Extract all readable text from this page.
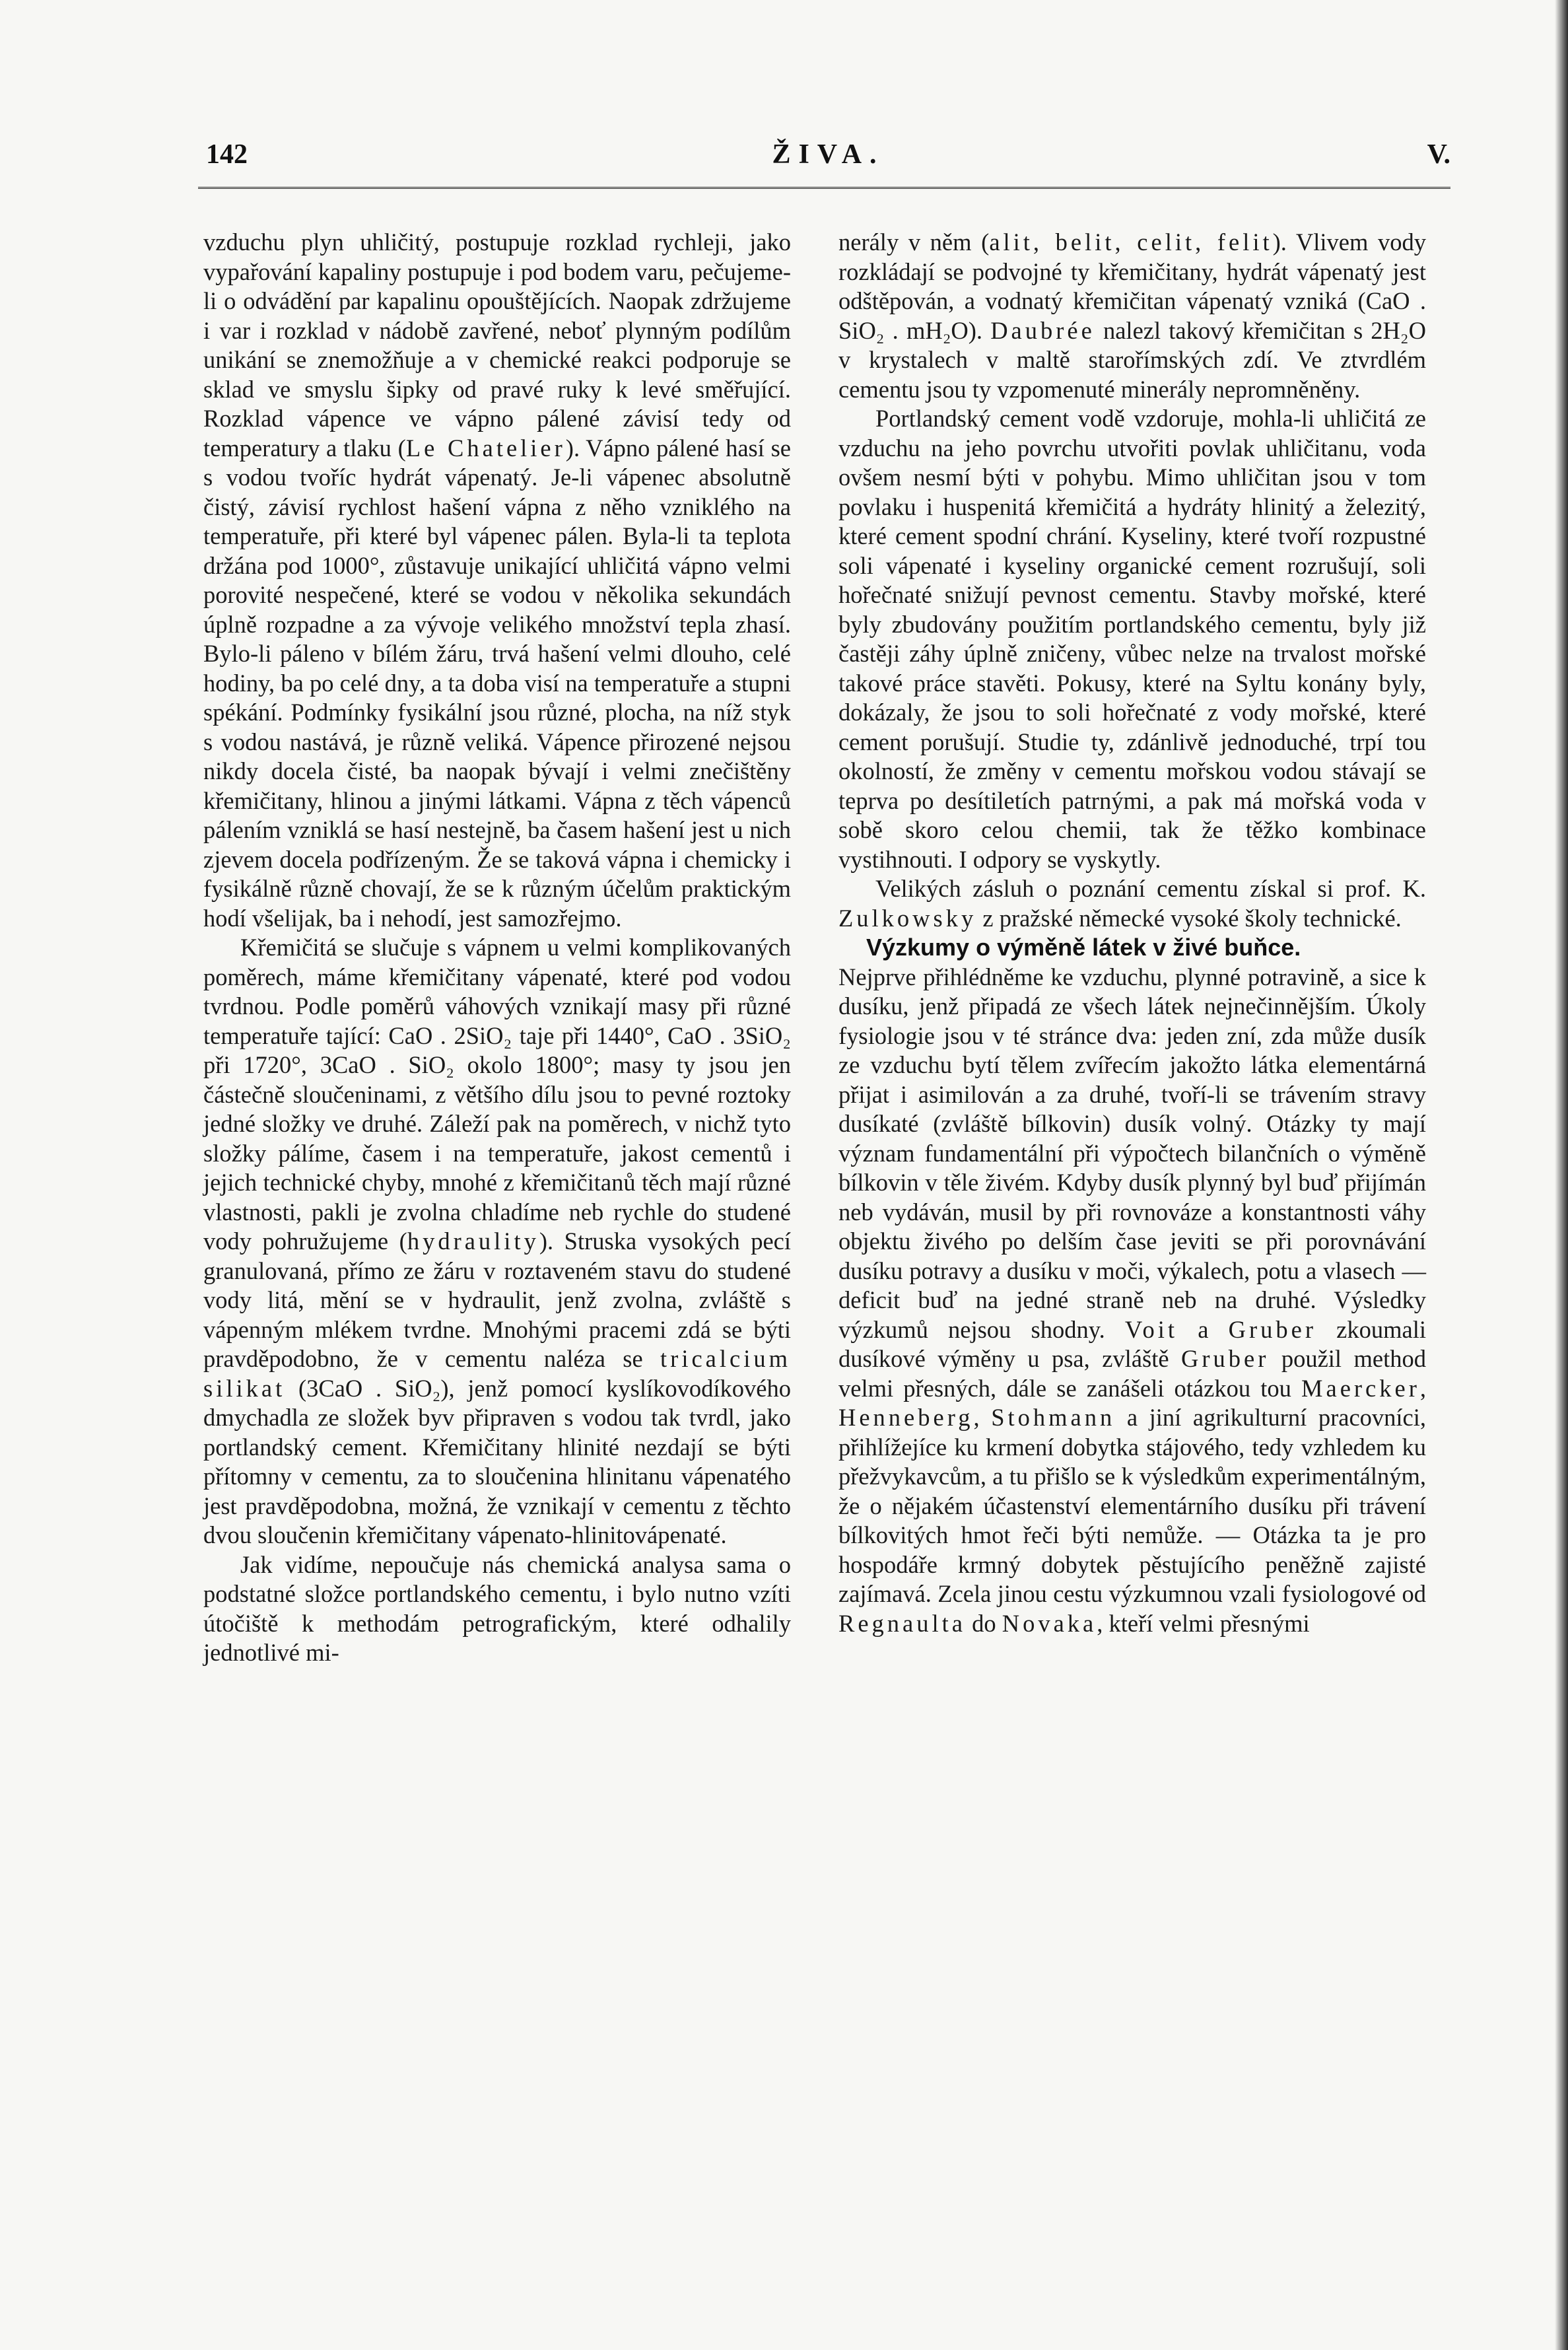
142	ŽIVA.	V.

vzduchu plyn uhličitý, postupuje rozklad rychleji, jako vypařování kapaliny postupuje i pod bodem varu, pečujeme-li o odvádění par kapalinu opouštějících. Naopak zdržujeme i var i rozklad v nádobě zavřené, neboť plynným podílům unikání se znemožňuje a v chemické reakci podporuje se sklad ve smyslu šipky od pravé ruky k levé směřující. Rozklad vápence ve vápno pálené závisí tedy od temperatury a tlaku (Le Chatelier). Vápno pálené hasí se s vodou tvoříc hydrát vápenatý. Je-li vápenec absolutně čistý, závisí rychlost hašení vápna z něho vzniklého na temperatuře, při které byl vápenec pálen. Byla-li ta teplota držána pod 1000°, zůstavuje unikající uhličitá vápno velmi porovité nespečené, které se vodou v několika sekundách úplně rozpadne a za vývoje velikého množství tepla zhasí. Bylo-li páleno v bílém žáru, trvá hašení velmi dlouho, celé hodiny, ba po celé dny, a ta doba visí na temperatuře a stupni spékání. Podmínky fysikální jsou různé, plocha, na níž styk s vodou nastává, je různě veliká. Vápence přirozené nejsou nikdy docela čisté, ba naopak bývají i velmi znečištěny křemičitany, hlinou a jinými látkami. Vápna z těch vápenců pálením vzniklá se hasí nestejně, ba časem hašení jest u nich zjevem docela podřízeným. Že se taková vápna i chemicky i fysikálně různě chovají, že se k různým účelům praktickým hodí všelijak, ba i nehodí, jest samozřejmo.

Křemičitá se slučuje s vápnem u velmi komplikovaných poměrech, máme křemičitany vápenaté, které pod vodou tvrdnou. Podle poměrů váhových vznikají masy při různé temperatuře tající: CaO . 2SiO₂ taje při 1440°, CaO . 3SiO₂ při 1720°, 3CaO . SiO₂ okolo 1800°; masy ty jsou jen částečně sloučeninami, z většího dílu jsou to pevné roztoky jedné složky ve druhé. Záleží pak na poměrech, v nichž tyto složky pálíme, časem i na temperatuře, jakost cementů i jejich technické chyby, mnohé z křemičitanů těch mají různé vlastnosti, pakli je zvolna chladíme neb rychle do studené vody pohružujeme (hydraulity). Struska vysokých pecí granulovaná, přímo ze žáru v roztaveném stavu do studené vody litá, mění se v hydraulit, jenž zvolna, zvláště s vápenným mlékem tvrdne. Mnohými pracemi zdá se býti pravděpodobno, že v cementu naléza se tricalcium silikat (3CaO . SiO₂), jenž pomocí kyslíkovodíkového dmychadla ze složek byv připraven s vodou tak tvrdl, jako portlandský cement. Křemičitany hlinité nezdají se býti přítomny v cementu, za to sloučenina hlinitanu vápenatého jest pravděpodobna, možná, že vznikají v cementu z těchto dvou sloučenin křemičitany vápenato-hlinitovápenaté.

Jak vidíme, nepoučuje nás chemická analysa sama o podstatné složce portlandského cementu, i bylo nutno vzíti útočiště k methodám petrografickým, které odhalily jednotlivé mi-

nerály v něm (alit, belit, celit, felit). Vlivem vody rozkládají se podvojné ty křemičitany, hydrát vápenatý jest odštěpován, a vodnatý křemičitan vápenatý vzniká (CaO . SiO₂ . mH₂O). Daubrée nalezl takový křemičitan s 2H₂O v krystalech v maltě starořímských zdí. Ve ztvrdlém cementu jsou ty vzpomenuté minerály nepromněněny.

Portlandský cement vodě vzdoruje, mohla-li uhličitá ze vzduchu na jeho povrchu utvořiti povlak uhličitanu, voda ovšem nesmí býti v pohybu. Mimo uhličitan jsou v tom povlaku i huspenitá křemičitá a hydráty hlinitý a železitý, které cement spodní chrání. Kyseliny, které tvoří rozpustné soli vápenaté i kyseliny organické cement rozrušují, soli hořečnaté snižují pevnost cementu. Stavby mořské, které byly zbudovány použitím portlandského cementu, byly již častěji záhy úplně zničeny, vůbec nelze na trvalost mořské takové práce stavěti. Pokusy, které na Syltu konány byly, dokázaly, že jsou to soli hořečnaté z vody mořské, které cement porušují. Studie ty, zdánlivě jednoduché, trpí tou okolností, že změny v cementu mořskou vodou stávají se teprva po desítiletích patrnými, a pak má mořská voda v sobě skoro celou chemii, tak že těžko kombinace vystihnouti. I odpory se vyskytly.

Velikých zásluh o poznání cementu získal si prof. K. Zulkowsky z pražské německé vysoké školy technické.

Výzkumy o výměně látek v živé buňce.

Nejprve přihlédněme ke vzduchu, plynné potravině, a sice k dusíku, jenž připadá ze všech látek nejnečinnějším. Úkoly fysiologie jsou v té stránce dva: jeden zní, zda může dusík ze vzduchu bytí tělem zvířecím jakožto látka elementárná přijat i asimilován a za druhé, tvoří-li se trávením stravy dusíkaté (zvláště bílkovin) dusík volný. Otázky ty mají význam fundamentální při výpočtech bilančních o výměně bílkovin v těle živém. Kdyby dusík plynný byl buď přijímán neb vydáván, musil by při rovnováze a konstantnosti váhy objektu živého po delším čase jeviti se při porovnávání dusíku potravy a dusíku v moči, výkalech, potu a vlasech — deficit buď na jedné straně neb na druhé. Výsledky výzkumů nejsou shodny. Voit a Gruber zkoumali dusíkové výměny u psa, zvláště Gruber použil method velmi přesných, dále se zanášeli otázkou tou Maercker, Henneberg, Stohmann a jiní agrikulturní pracovníci, přihlížejíce ku krmení dobytka stájového, tedy vzhledem ku přežvykavcům, a tu přišlo se k výsledkům experimentálným, že o nějakém účastenství elementárního dusíku při trávení bílkovitých hmot řeči býti nemůže. — Otázka ta je pro hospodáře krmný dobytek pěstujícího peněžně zajisté zajímavá. Zcela jinou cestu výzkumnou vzali fysiologové od Regnaulta do Novaka, kteří velmi přesnými
